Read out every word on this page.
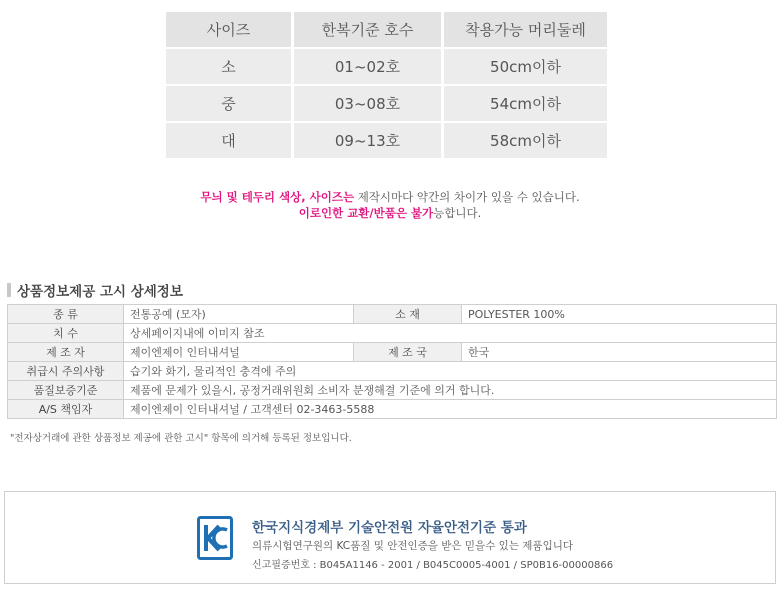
사이즈	한복기준 호수	착용가능 머리둘레
소	01~02호	50cm이하
중	03~08호	54cm이하
대	09~13호	58cm이하
무늬 및 테두리 색상, 사이즈는 제작시마다 약간의 차이가 있을 수 있습니다.
이로인한 교환/반품은 불가능합니다.
상품정보제공 고시 상세정보
종 류	전통공예 (모자)	소 재	POLYESTER 100%
치 수	상세페이지내에 이미지 참조		
제 조 자	제이엔제이 인터내셔널	제 조 국	한국
취급시 주의사항	습기와 화기, 물리적인 충격에 주의		
품질보증기준	제품에 문제가 있을시, 공정거래위원회 소비자 분쟁해결 기준에 의거 합니다.		
A/S 책임자	제이엔제이 인터내셔널 / 고객센터 02-3463-5588		
"전자상거래에 관한 상품정보 제공에 관한 고시" 항목에 의거해 등록된 정보입니다.
한국지식경제부 기술안전원 자율안전기준 통과
의류시험연구원의 KC품질 및 안전인증을 받은 믿을수 있는 제품입니다
신고필증번호 : B045A1146 - 2001 / B045C0005-4001 / SP0B16-00000866
